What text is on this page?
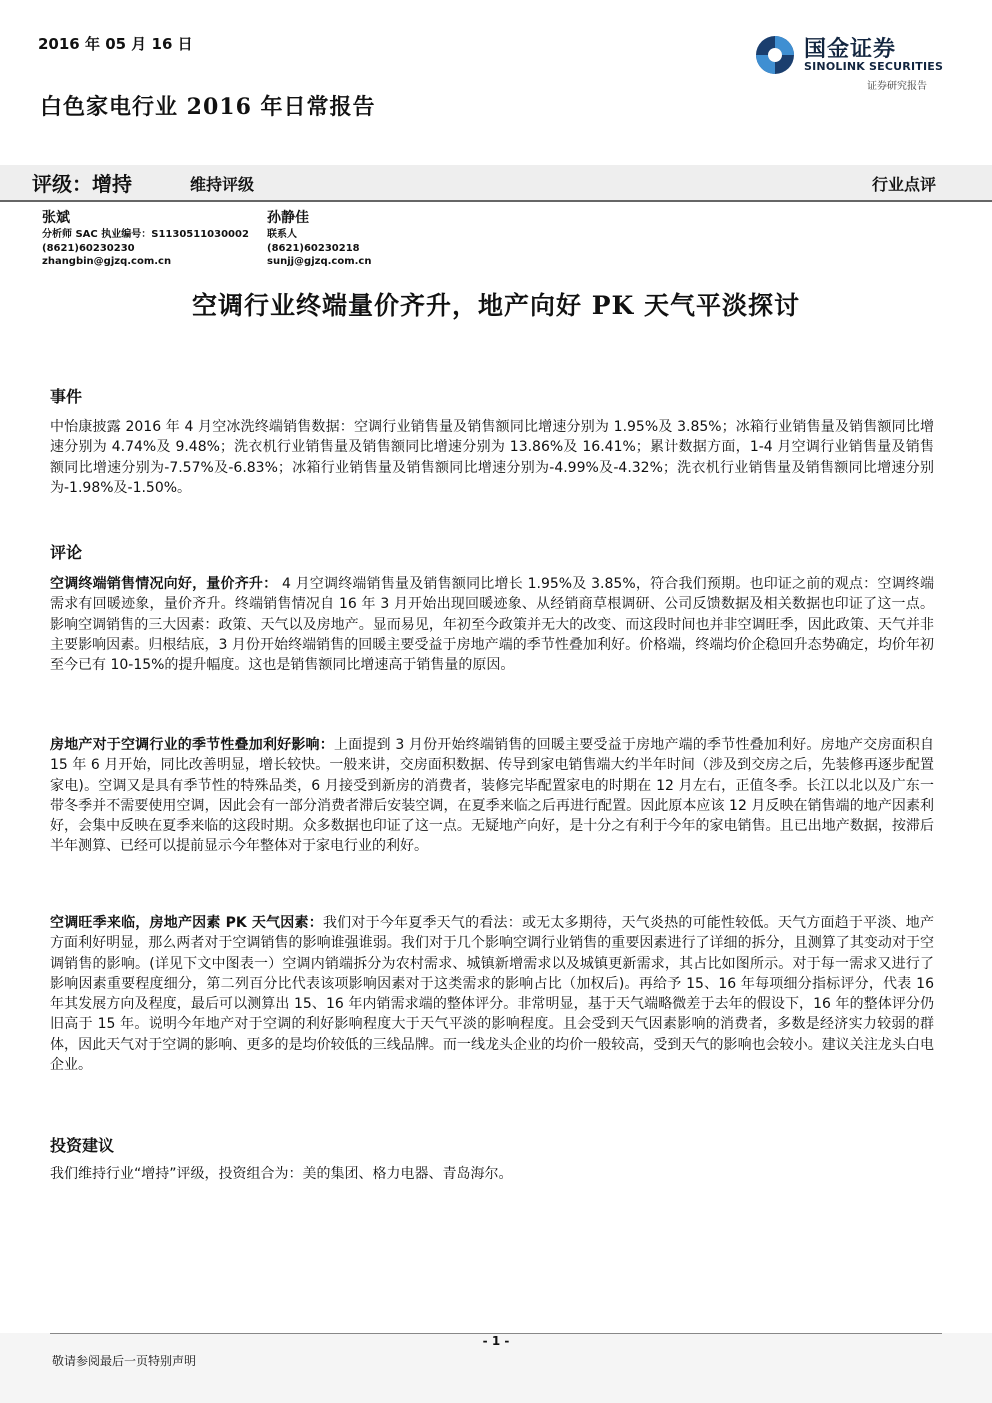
2016 年 05 月 16 日	国金证券
SINOLINK SECURITIES
证券研究报告
白色家电行业 2016 年日常报告
评级：增持	维持评级	行业点评
张斌
分析师 SAC 执业编号：S1130511030002
(8621)60230230
zhangbin@gjzq.com.cn
孙静佳
联系人
(8621)60230218
sunjj@gjzq.com.cn
空调行业终端量价齐升，地产向好 PK 天气平淡探讨
事件
中怡康披露 2016 年 4 月空冰洗终端销售数据：空调行业销售量及销售额同比增速分别为 1.95%及 3.85%；冰箱行业销售量及销售额同比增速分别为 4.74%及 9.48%；洗衣机行业销售量及销售额同比增速分别为 13.86%及 16.41%；累计数据方面，1-4 月空调行业销售量及销售额同比增速分别为-7.57%及-6.83%；冰箱行业销售量及销售额同比增速分别为-4.99%及-4.32%；洗衣机行业销售量及销售额同比增速分别为-1.98%及-1.50%。
评论
空调终端销售情况向好，量价齐升： 4 月空调终端销售量及销售额同比增长 1.95%及 3.85%，符合我们预期。也印证之前的观点：空调终端需求有回暖迹象，量价齐升。终端销售情况自 16 年 3 月开始出现回暖迹象、从经销商草根调研、公司反馈数据及相关数据也印证了这一点。影响空调销售的三大因素：政策、天气以及房地产。显而易见，年初至今政策并无大的改变、而这段时间也并非空调旺季，因此政策、天气并非主要影响因素。归根结底，3 月份开始终端销售的回暖主要受益于房地产端的季节性叠加利好。价格端，终端均价企稳回升态势确定，均价年初至今已有 10-15%的提升幅度。这也是销售额同比增速高于销售量的原因。
房地产对于空调行业的季节性叠加利好影响：上面提到 3 月份开始终端销售的回暖主要受益于房地产端的季节性叠加利好。房地产交房面积自 15 年 6 月开始，同比改善明显，增长较快。一般来讲，交房面积数据、传导到家电销售端大约半年时间（涉及到交房之后，先装修再逐步配置家电)。空调又是具有季节性的特殊品类，6 月接受到新房的消费者，装修完毕配置家电的时期在 12 月左右，正值冬季。长江以北以及广东一带冬季并不需要使用空调，因此会有一部分消费者滞后安装空调，在夏季来临之后再进行配置。因此原本应该 12 月反映在销售端的地产因素利好，会集中反映在夏季来临的这段时期。众多数据也印证了这一点。无疑地产向好，是十分之有利于今年的家电销售。且已出地产数据，按滞后半年测算、已经可以提前显示今年整体对于家电行业的利好。
空调旺季来临，房地产因素 PK 天气因素：我们对于今年夏季天气的看法：或无太多期待，天气炎热的可能性较低。天气方面趋于平淡、地产方面利好明显，那么两者对于空调销售的影响谁强谁弱。我们对于几个影响空调行业销售的重要因素进行了详细的拆分，且测算了其变动对于空调销售的影响。(详见下文中图表一）空调内销端拆分为农村需求、城镇新增需求以及城镇更新需求，其占比如图所示。对于每一需求又进行了影响因素重要程度细分，第二列百分比代表该项影响因素对于这类需求的影响占比（加权后)。再给予 15、16 年每项细分指标评分，代表 16 年其发展方向及程度，最后可以测算出 15、16 年内销需求端的整体评分。非常明显，基于天气端略微差于去年的假设下，16 年的整体评分仍旧高于 15 年。说明今年地产对于空调的利好影响程度大于天气平淡的影响程度。且会受到天气因素影响的消费者，多数是经济实力较弱的群体，因此天气对于空调的影响、更多的是均价较低的三线品牌。而一线龙头企业的均价一般较高，受到天气的影响也会较小。建议关注龙头白电企业。
投资建议
我们维持行业“增持”评级，投资组合为：美的集团、格力电器、青岛海尔。
- 1 -
敬请参阅最后一页特别声明
